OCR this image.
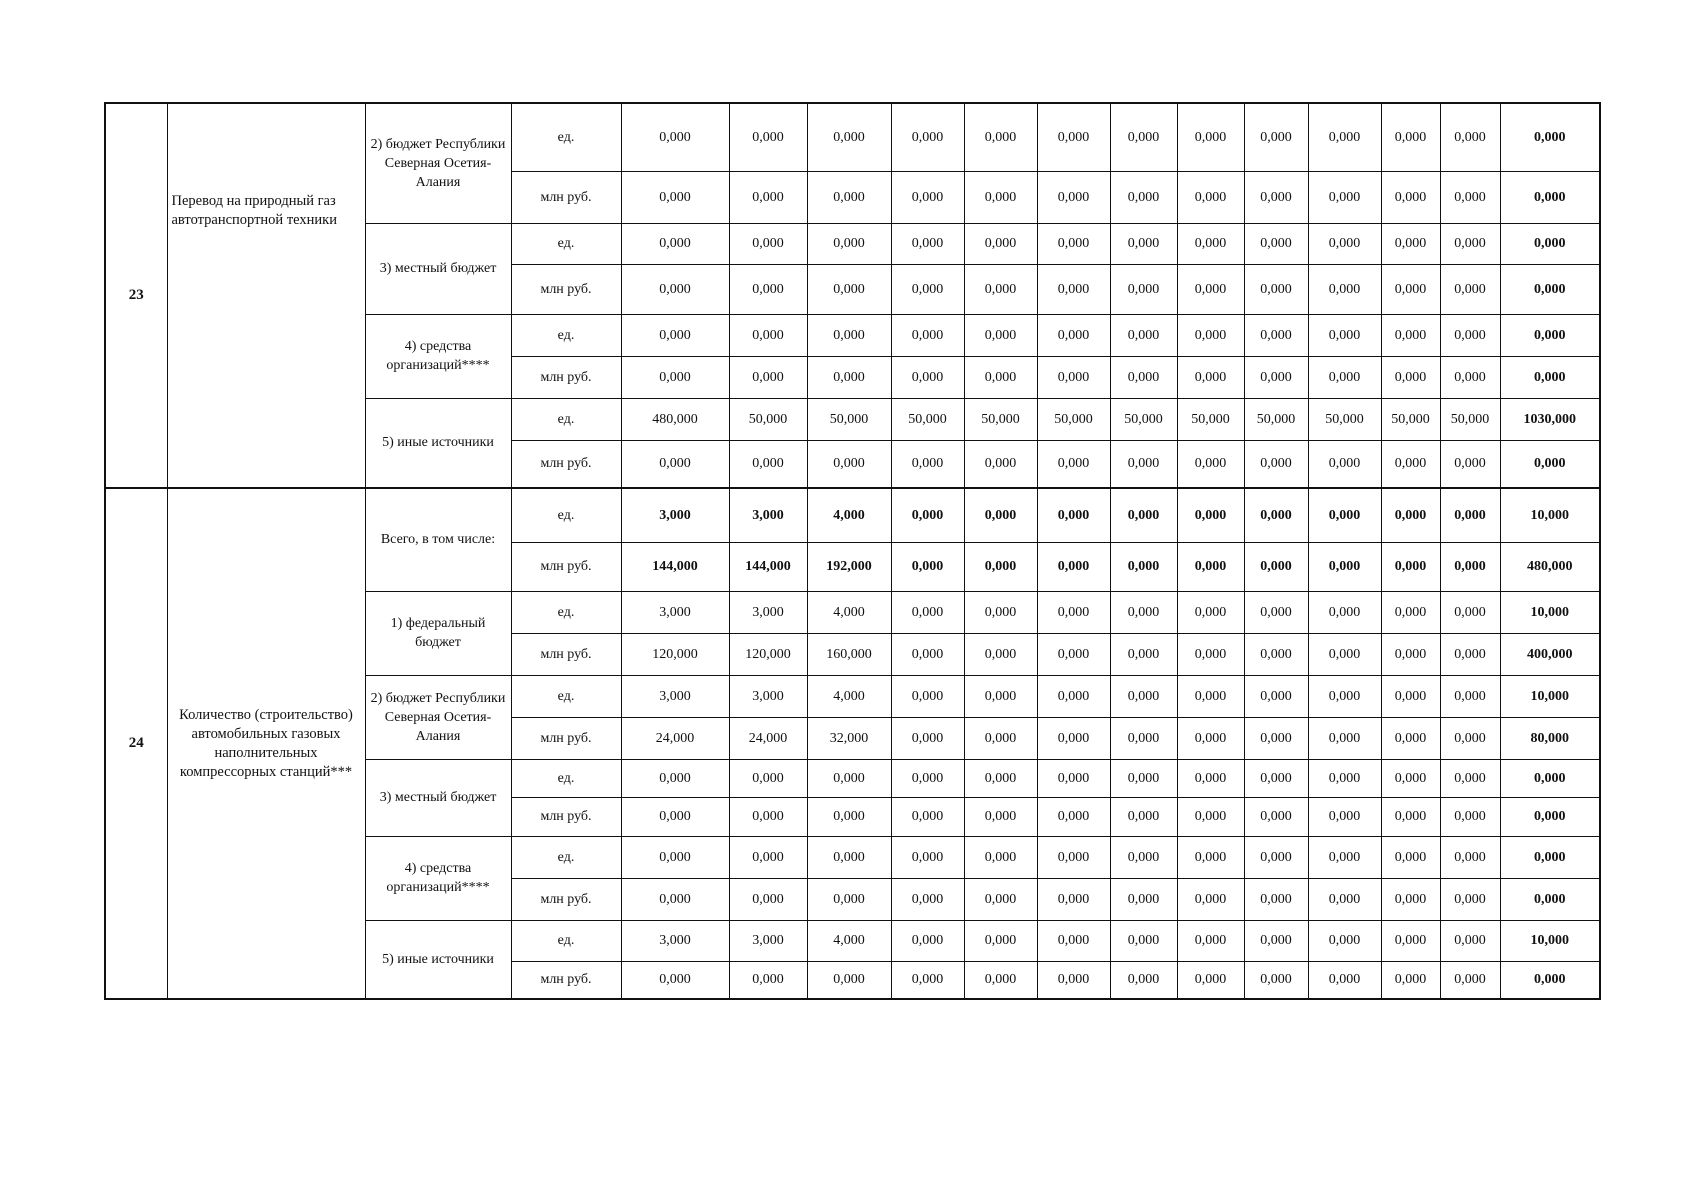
23	Перевод на природный газ автотранспортной техники	2) бюджет Республики Северная Осетия-Алания	ед.	0,000	0,000	0,000	0,000	0,000	0,000	0,000	0,000	0,000	0,000	0,000	0,000	0,000
			млн руб.	0,000	0,000	0,000	0,000	0,000	0,000	0,000	0,000	0,000	0,000	0,000	0,000	0,000
		3) местный бюджет	ед.	0,000	0,000	0,000	0,000	0,000	0,000	0,000	0,000	0,000	0,000	0,000	0,000	0,000
			млн руб.	0,000	0,000	0,000	0,000	0,000	0,000	0,000	0,000	0,000	0,000	0,000	0,000	0,000
		4) средства организаций****	ед.	0,000	0,000	0,000	0,000	0,000	0,000	0,000	0,000	0,000	0,000	0,000	0,000	0,000
			млн руб.	0,000	0,000	0,000	0,000	0,000	0,000	0,000	0,000	0,000	0,000	0,000	0,000	0,000
		5) иные источники	ед.	480,000	50,000	50,000	50,000	50,000	50,000	50,000	50,000	50,000	50,000	50,000	50,000	1030,000
			млн руб.	0,000	0,000	0,000	0,000	0,000	0,000	0,000	0,000	0,000	0,000	0,000	0,000	0,000
24	Количество (строительство) автомобильных газовых наполнительных компрессорных станций***	Всего, в том числе:	ед.	3,000	3,000	4,000	0,000	0,000	0,000	0,000	0,000	0,000	0,000	0,000	0,000	10,000
			млн руб.	144,000	144,000	192,000	0,000	0,000	0,000	0,000	0,000	0,000	0,000	0,000	0,000	480,000
		1) федеральный бюджет	ед.	3,000	3,000	4,000	0,000	0,000	0,000	0,000	0,000	0,000	0,000	0,000	0,000	10,000
			млн руб.	120,000	120,000	160,000	0,000	0,000	0,000	0,000	0,000	0,000	0,000	0,000	0,000	400,000
		2) бюджет Республики Северная Осетия-Алания	ед.	3,000	3,000	4,000	0,000	0,000	0,000	0,000	0,000	0,000	0,000	0,000	0,000	10,000
			млн руб.	24,000	24,000	32,000	0,000	0,000	0,000	0,000	0,000	0,000	0,000	0,000	0,000	80,000
		3) местный бюджет	ед.	0,000	0,000	0,000	0,000	0,000	0,000	0,000	0,000	0,000	0,000	0,000	0,000	0,000
			млн руб.	0,000	0,000	0,000	0,000	0,000	0,000	0,000	0,000	0,000	0,000	0,000	0,000	0,000
		4) средства организаций****	ед.	0,000	0,000	0,000	0,000	0,000	0,000	0,000	0,000	0,000	0,000	0,000	0,000	0,000
			млн руб.	0,000	0,000	0,000	0,000	0,000	0,000	0,000	0,000	0,000	0,000	0,000	0,000	0,000
		5) иные источники	ед.	3,000	3,000	4,000	0,000	0,000	0,000	0,000	0,000	0,000	0,000	0,000	0,000	10,000
			млн руб.	0,000	0,000	0,000	0,000	0,000	0,000	0,000	0,000	0,000	0,000	0,000	0,000	0,000
